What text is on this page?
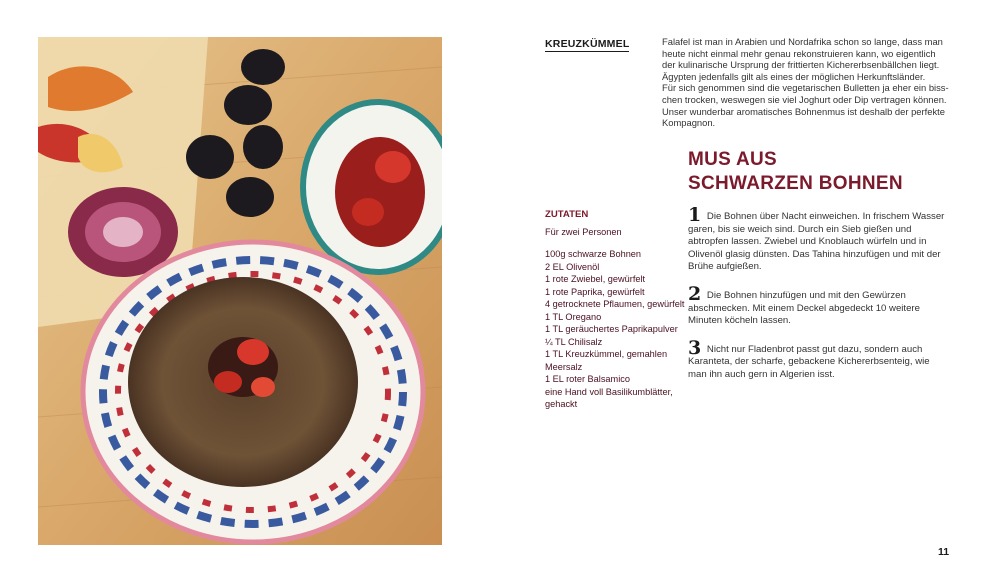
KREUZKÜMMEL	Falafel ist man in Arabien und Nordafrika schon so lange, dass man

heute nicht einmal mehr genau rekonstruieren kann, wo eigentlich

der kulinarische Ursprung der frittierten Kichererbsenbällchen liegt.

Ägypten jedenfalls gilt als eines der möglichen Herkunftsländer.

Für sich genommen sind die vegetarischen Bulletten ja eher ein biss-

chen trocken, weswegen sie viel Joghurt oder Dip vertragen können.

Unser wunderbar aromatisches Bohnenmus ist deshalb der perfekte

Kompagnon.

MUS AUS
SCHWARZEN BOHNEN
ZUTATEN
Für zwei Personen
100g schwarze Bohnen
2 EL Olivenöl
1 rote Zwiebel, gewürfelt
1 rote Paprika, gewürfelt
4 getrocknete Pflaumen, gewürfelt
1 TL Oregano
1 TL geräuchertes Paprikapulver
¼ TL Chilisalz
1 TL Kreuzkümmel, gemahlen Meersalz
1 EL roter Balsamico
eine Hand voll Basilikumblätter, gehackt
1 Die Bohnen über Nacht einweichen. In frischem Wasser garen, bis sie weich sind. Durch ein Sieb gießen und abtropfen lassen. Zwiebel und Knoblauch würfeln und in Olivenöl glasig dünsten. Das Tahina hinzufügen und mit der Brühe aufgießen.
2 Die Bohnen hinzufügen und mit den Gewürzen abschmecken. Mit einem Deckel abgedeckt 10 weitere Minuten köcheln lassen.
3 Nicht nur Fladenbrot passt gut dazu, sondern auch Karanteta, der scharfe, gebackene Kichererbsenteig, wie man ihn auch gern in Algerien isst.
11
